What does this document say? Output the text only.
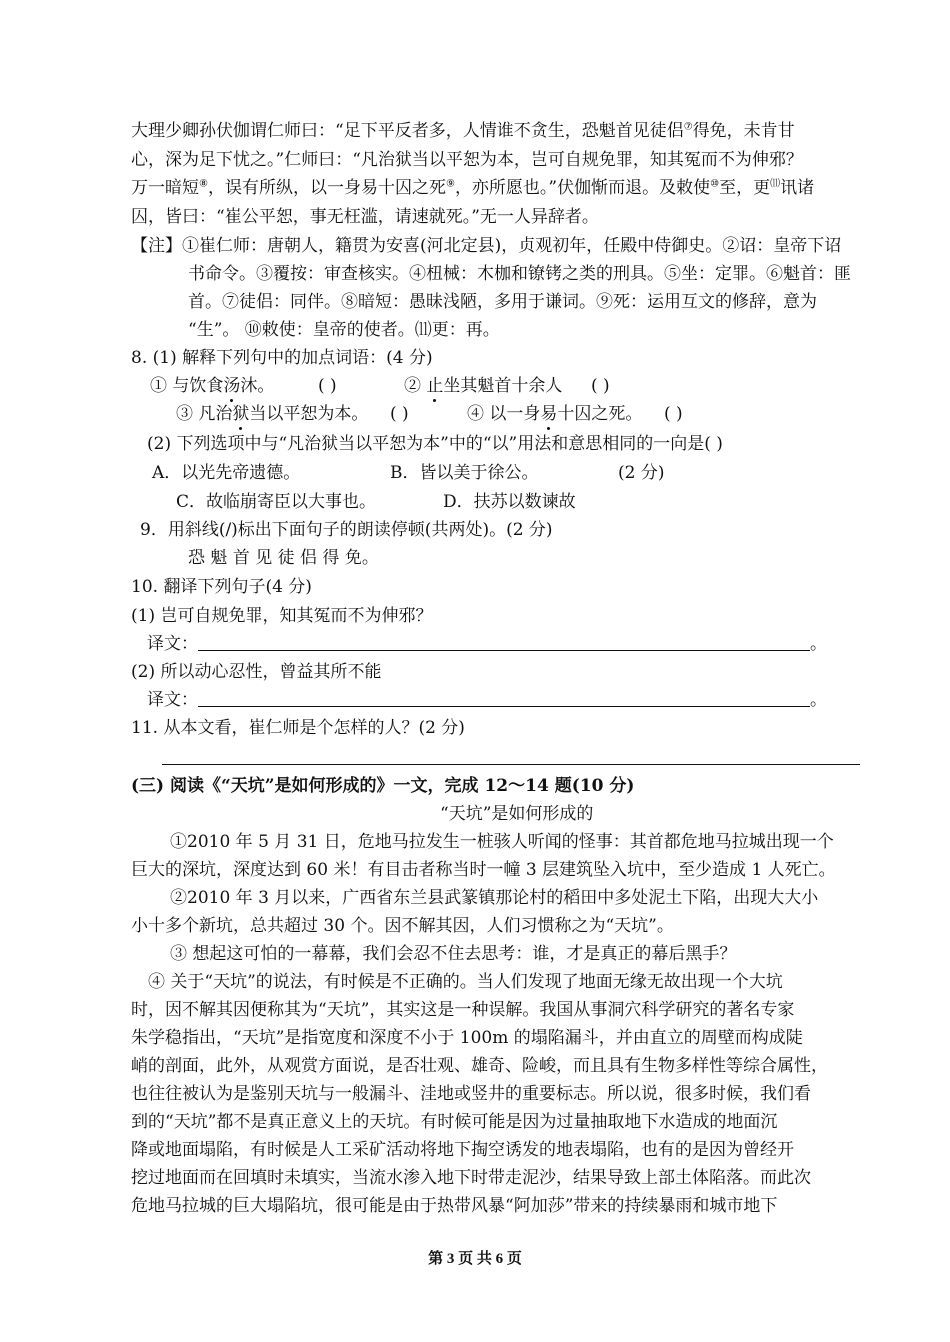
大理少卿孙伏伽谓仁师曰：“足下平反者多，人情谁不贪生，恐魁首见徒侣⑦得免，未肯甘
心，深为足下忧之。”仁师曰：“凡治狱当以平恕为本，岂可自规免罪，知其冤而不为伸邪？
万一暗短⑧，误有所纵，以一身易十囚之死⑨，亦所愿也。”伏伽惭而退。及敕使⑩至，更⑾讯诸
囚，皆曰：“崔公平恕，事无枉滥，请速就死。”无一人异辞者。
【注】①崔仁师：唐朝人，籍贯为安喜(河北定县)，贞观初年，任殿中侍御史。②诏：皇帝下诏
书命令。③覆按：审查核实。④杻械：木枷和镣铐之类的刑具。⑤坐：定罪。⑥魁首：匪
首。⑦徒侣：同伴。⑧暗短：愚昧浅陋，多用于谦词。⑨死：运用互文的修辞，意为
“生”。 ⑩敕使：皇帝的使者。⑾更：再。
8. (1) 解释下列句中的加点词语：(4 分)
① 与饮食汤沐。	( )	② 止坐其魁首十余人 ( )
③ 凡治狱当以平恕为本。 ( )	④ 以一身易十囚之死。 ( )
(2) 下列选项中与“凡治狱当以平恕为本”中的“以”用法和意思相同的一向是( )
A．以光先帝遗德。	B．皆以美于徐公。	(2 分)
C．故临崩寄臣以大事也。	D．扶苏以数谏故
9．用斜线(/)标出下面句子的朗读停顿(共两处)。(2 分)
恐 魁 首 见 徒 侣 得 免。
10. 翻译下列句子(4 分)
(1) 岂可自规免罪，知其冤而不为伸邪？
译文：	。
(2) 所以动心忍性，曾益其所不能
译文：	。
11. 从本文看，崔仁师是个怎样的人？(2 分)
(三) 阅读《“天坑”是如何形成的》一文，完成 12～14 题(10 分)
“天坑”是如何形成的
①2010 年 5 月 31 日，危地马拉发生一桩骇人听闻的怪事：其首都危地马拉城出现一个
巨大的深坑，深度达到 60 米！有目击者称当时一幢 3 层建筑坠入坑中，至少造成 1 人死亡。
②2010 年 3 月以来，广西省东兰县武篆镇那论村的稻田中多处泥土下陷，出现大大小
小十多个新坑，总共超过 30 个。因不解其因，人们习惯称之为“天坑”。
③ 想起这可怕的一幕幕，我们会忍不住去思考：谁，才是真正的幕后黑手？
④ 关于“天坑”的说法，有时候是不正确的。当人们发现了地面无缘无故出现一个大坑
时，因不解其因便称其为“天坑”，其实这是一种误解。我国从事洞穴科学研究的著名专家
朱学稳指出，“天坑”是指宽度和深度不小于 100m 的塌陷漏斗，并由直立的周壁而构成陡
峭的剖面，此外，从观赏方面说，是否壮观、雄奇、险峻，而且具有生物多样性等综合属性，
也往往被认为是鉴别天坑与一般漏斗、洼地或竖井的重要标志。所以说，很多时候，我们看
到的“天坑”都不是真正意义上的天坑。有时候可能是因为过量抽取地下水造成的地面沉
降或地面塌陷，有时候是人工采矿活动将地下掏空诱发的地表塌陷，也有的是因为曾经开
挖过地面而在回填时未填实，当流水渗入地下时带走泥沙，结果导致上部土体陷落。而此次
危地马拉城的巨大塌陷坑，很可能是由于热带风暴“阿加莎”带来的持续暴雨和城市地下
第 3 页 共 6 页
